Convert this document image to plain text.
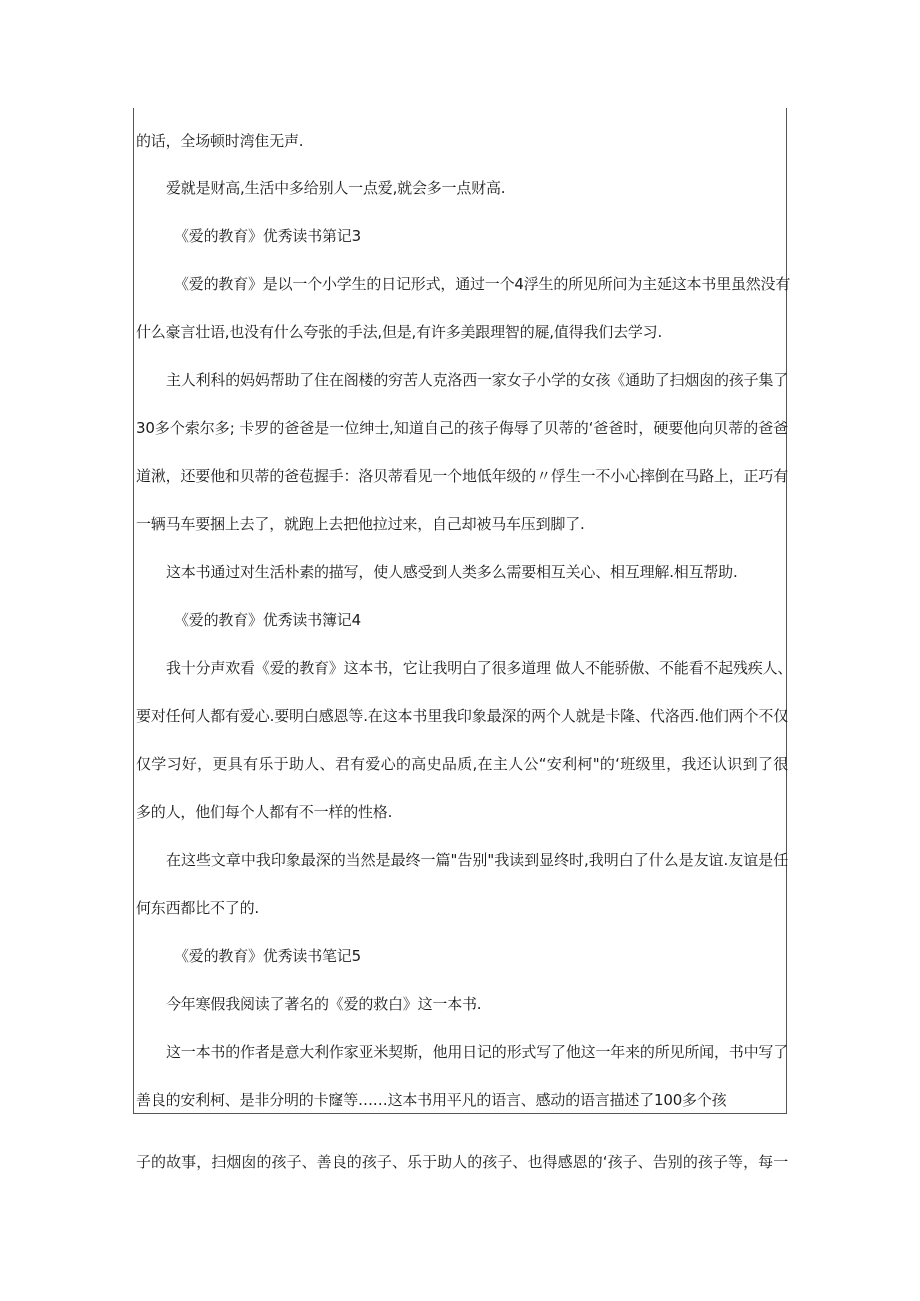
的话，全场顿时湾隹无声.
爱就是财高,生活中多给别人一点爱,就会多一点财高.
《爱的教育》优秀读书第记3
《爱的教育》是以一个小学生的日记形式，通过一个4浮生的所见所问为主延这本书里虽然没有
什么豪言壮语,也没有什么夸张的手法,但是,有许多美跟理智的屣,值得我们去学习.
主人利科的妈妈帮助了住在阁楼的穷苦人克洛西一家女子小学的女孩《通助了扫烟囱的孩子集了
30多个索尔多; 卡罗的爸爸是一位绅士,知道自己的孩子侮辱了贝蒂的‘爸爸时，硬要他向贝蒂的爸爸
道湫，还要他和贝蒂的爸苞握手：洛贝蒂看见一个地低年级的〃俘生一不小心摔倒在马路上，正巧有
一辆马车要捆上去了，就跑上去把他拉过来，自己却被马车压到脚了.
这本书通过对生活朴素的描写，使人感受到人类多么需要相互关心、相互理解.相互帮助.
《爱的教育》优秀读书簿记4
我十分声欢看《爱的教育》这本书，它让我明白了很多道理 做人不能骄傲、不能看不起残疾人、
要对任何人都有爱心.要明白感恩等.在这本书里我印象最深的两个人就是卡隆、代洛西.他们两个不仅
仅学习好，更具有乐于助人、君有爱心的高史品质,在主人公“安利柯"的‘班级里，我还认识到了很
多的人，他们每个人都有不一样的性格.
在这些文章中我印象最深的当然是最终一篇"告别"我读到显终时,我明白了什么是友谊.友谊是任
何东西都比不了的.
《爱的教育》优秀读书笔记5
今年寒假我阅读了著名的《爱的救白》这一本书.
这一本书的作者是意大利作家亚米契斯，他用日记的形式写了他这一年来的所见所闻，书中写了
善良的安利柯、是非分明的卡窿等……这本书用平凡的语言、感动的语言描述了100多个孩
子的故事，扫烟囱的孩子、善良的孩子、乐于助人的孩子、也得感恩的‘孩子、告别的孩子等，每一
